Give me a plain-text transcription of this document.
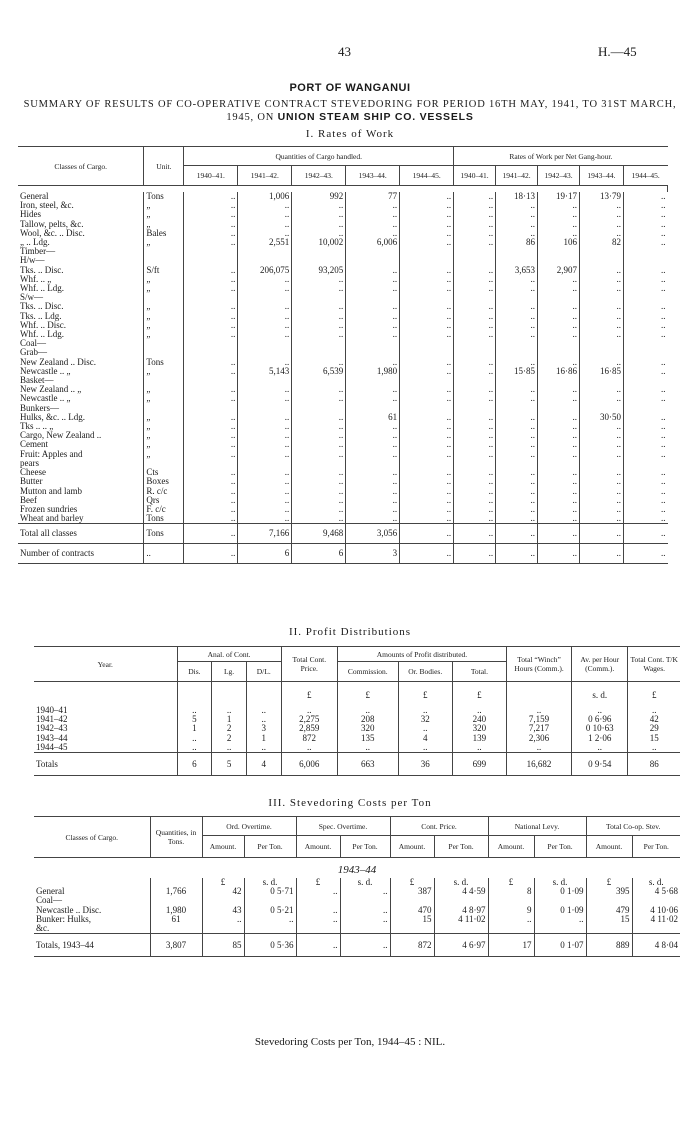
43	H.—45
PORT OF WANGANUI
SUMMARY OF RESULTS OF CO-OPERATIVE CONTRACT STEVEDORING FOR PERIOD 16TH MAY, 1941, TO 31ST MARCH, 1945, ON UNION STEAM SHIP CO. VESSELS
I. Rates of Work
II. Profit Distributions
III. Stevedoring Costs per Ton
Classes of Cargo.	Unit.	Quantities of Cargo handled.					Rates of Work per Net Gang-hour.				
		1940–41.	1941–42.	1942–43.	1943–44.	1944–45.	1940–41.	1941–42.	1942–43.	1943–44.	1944–45.

General	Tons	..	1,006	992	77	..	..	18·13	19·17	13·79	..
Iron, steel, &c.	„	..	..	..	..	..	..	..	..	..	..
Hides	„	..	..	..	..	..	..	..	..	..	..
Tallow, pelts, &c.	„	..	..	..	..	..	..	..	..	..	..
Wool, &c. .. Disc.	Bales	..	..	..	..	..	..	..	..	..	..
„ .. Ldg.	„	..	2,551	10,002	6,006	..	..	86	106	82	..
Timber—											
H/w—											
Tks. .. Disc.	S/ft	..	206,075	93,205	..	..	..	3,653	2,907	..	..
Whf. .. „	„	..	..	..	..	..	..	..	..	..	..
Whf. .. Ldg.	„	..	..	..	..	..	..	..	..	..	..
S/w—											
Tks. .. Disc.	„	..	..	..	..	..	..	..	..	..	..
Tks. .. Ldg.	„	..	..	..	..	..	..	..	..	..	..
Whf. .. Disc.	„	..	..	..	..	..	..	..	..	..	..
Whf. .. Ldg.	„	..	..	..	..	..	..	..	..	..	..
Coal—											
Grab—											
New Zealand .. Disc.	Tons	..	..	..	..	..	..	..	..	..	..
Newcastle .. „	„	..	5,143	6,539	1,980	..	..	15·85	16·86	16·85	..
Basket—											
New Zealand .. „	„	..	..	..	..	..	..	..	..	..	..
Newcastle .. „	„	..	..	..	..	..	..	..	..	..	..
Bunkers—											
Hulks, &c. .. Ldg.	„	..	..	..	61	..	..	..	..	30·50	..
Tks .. .. „	„	..	..	..	..	..	..	..	..	..	..
Cargo, New Zealand ..	„	..	..	..	..	..	..	..	..	..	..
Cement	„	..	..	..	..	..	..	..	..	..	..
Fruit: Apples and	„	..	..	..	..	..	..	..	..	..	..
pears											
Cheese	Cts	..	..	..	..	..	..	..	..	..	..
Butter	Boxes	..	..	..	..	..	..	..	..	..	..
Mutton and lamb	R. c/c	..	..	..	..	..	..	..	..	..	..
Beef	Qrs	..	..	..	..	..	..	..	..	..	..
Frozen sundries	F. c/c	..	..	..	..	..	..	..	..	..	..
Wheat and barley	Tons	..	..	..	..	..	..	..	..	..	..
Total all classes	Tons	..	7,166	9,468	3,056	..	..	..	..	..	..
Number of contracts	..	..	6	6	3	..	..	..	..	..	..
Year.	Anal. of Cont.			Total Cont. Price.	Amounts of Profit distributed.			Total “Winch” Hours (Comm.).	Av. per Hour (Comm.).	Total Cont. T/K Wages.
	Dis.	Lg.	D/L.		Commission.	Or. Bodies.	Total.			
				£	£	£	£		s. d.	£

1940–41	..	..	..	..	..	..	..	..	..	..
1941–42	5	1	..	2,275	208	32	240	7,159	0 6·96	42
1942–43	1	2	3	2,859	320	..	320	7,217	0 10·63	29
1943–44	..	2	1	872	135	4	139	2,306	1 2·06	15
1944–45	..	..	..	..	..	..	..	..	..	..
Totals	6	5	4	6,006	663	36	699	16,682	0 9·54	86
Classes of Cargo.	Quantities, in Tons.	Ord. Overtime.		Spec. Overtime.		Cont. Price.		National Levy.		Total Co-op. Stev.	
		Amount.	Per Ton.	Amount.	Per Ton.	Amount.	Per Ton.	Amount.	Per Ton.	Amount.	Per Ton.
1943–44											
		£	s. d.	£	s. d.	£	s. d.	£	s. d.	£	s. d.
General	1,766	42	0 5·71	..	..	387	4 4·59	8	0 1·09	395	4 5·68
Coal—											
Newcastle .. Disc.	1,980	43	0 5·21	..	..	470	4 8·97	9	0 1·09	479	4 10·06
Bunker: Hulks,	61	..	..	..	..	15	4 11·02	..	..	15	4 11·02
&c.											
Totals, 1943–44	3,807	85	0 5·36	..	..	872	4 6·97	17	0 1·07	889	4 8·04
Stevedoring Costs per Ton, 1944–45 : NIL.
